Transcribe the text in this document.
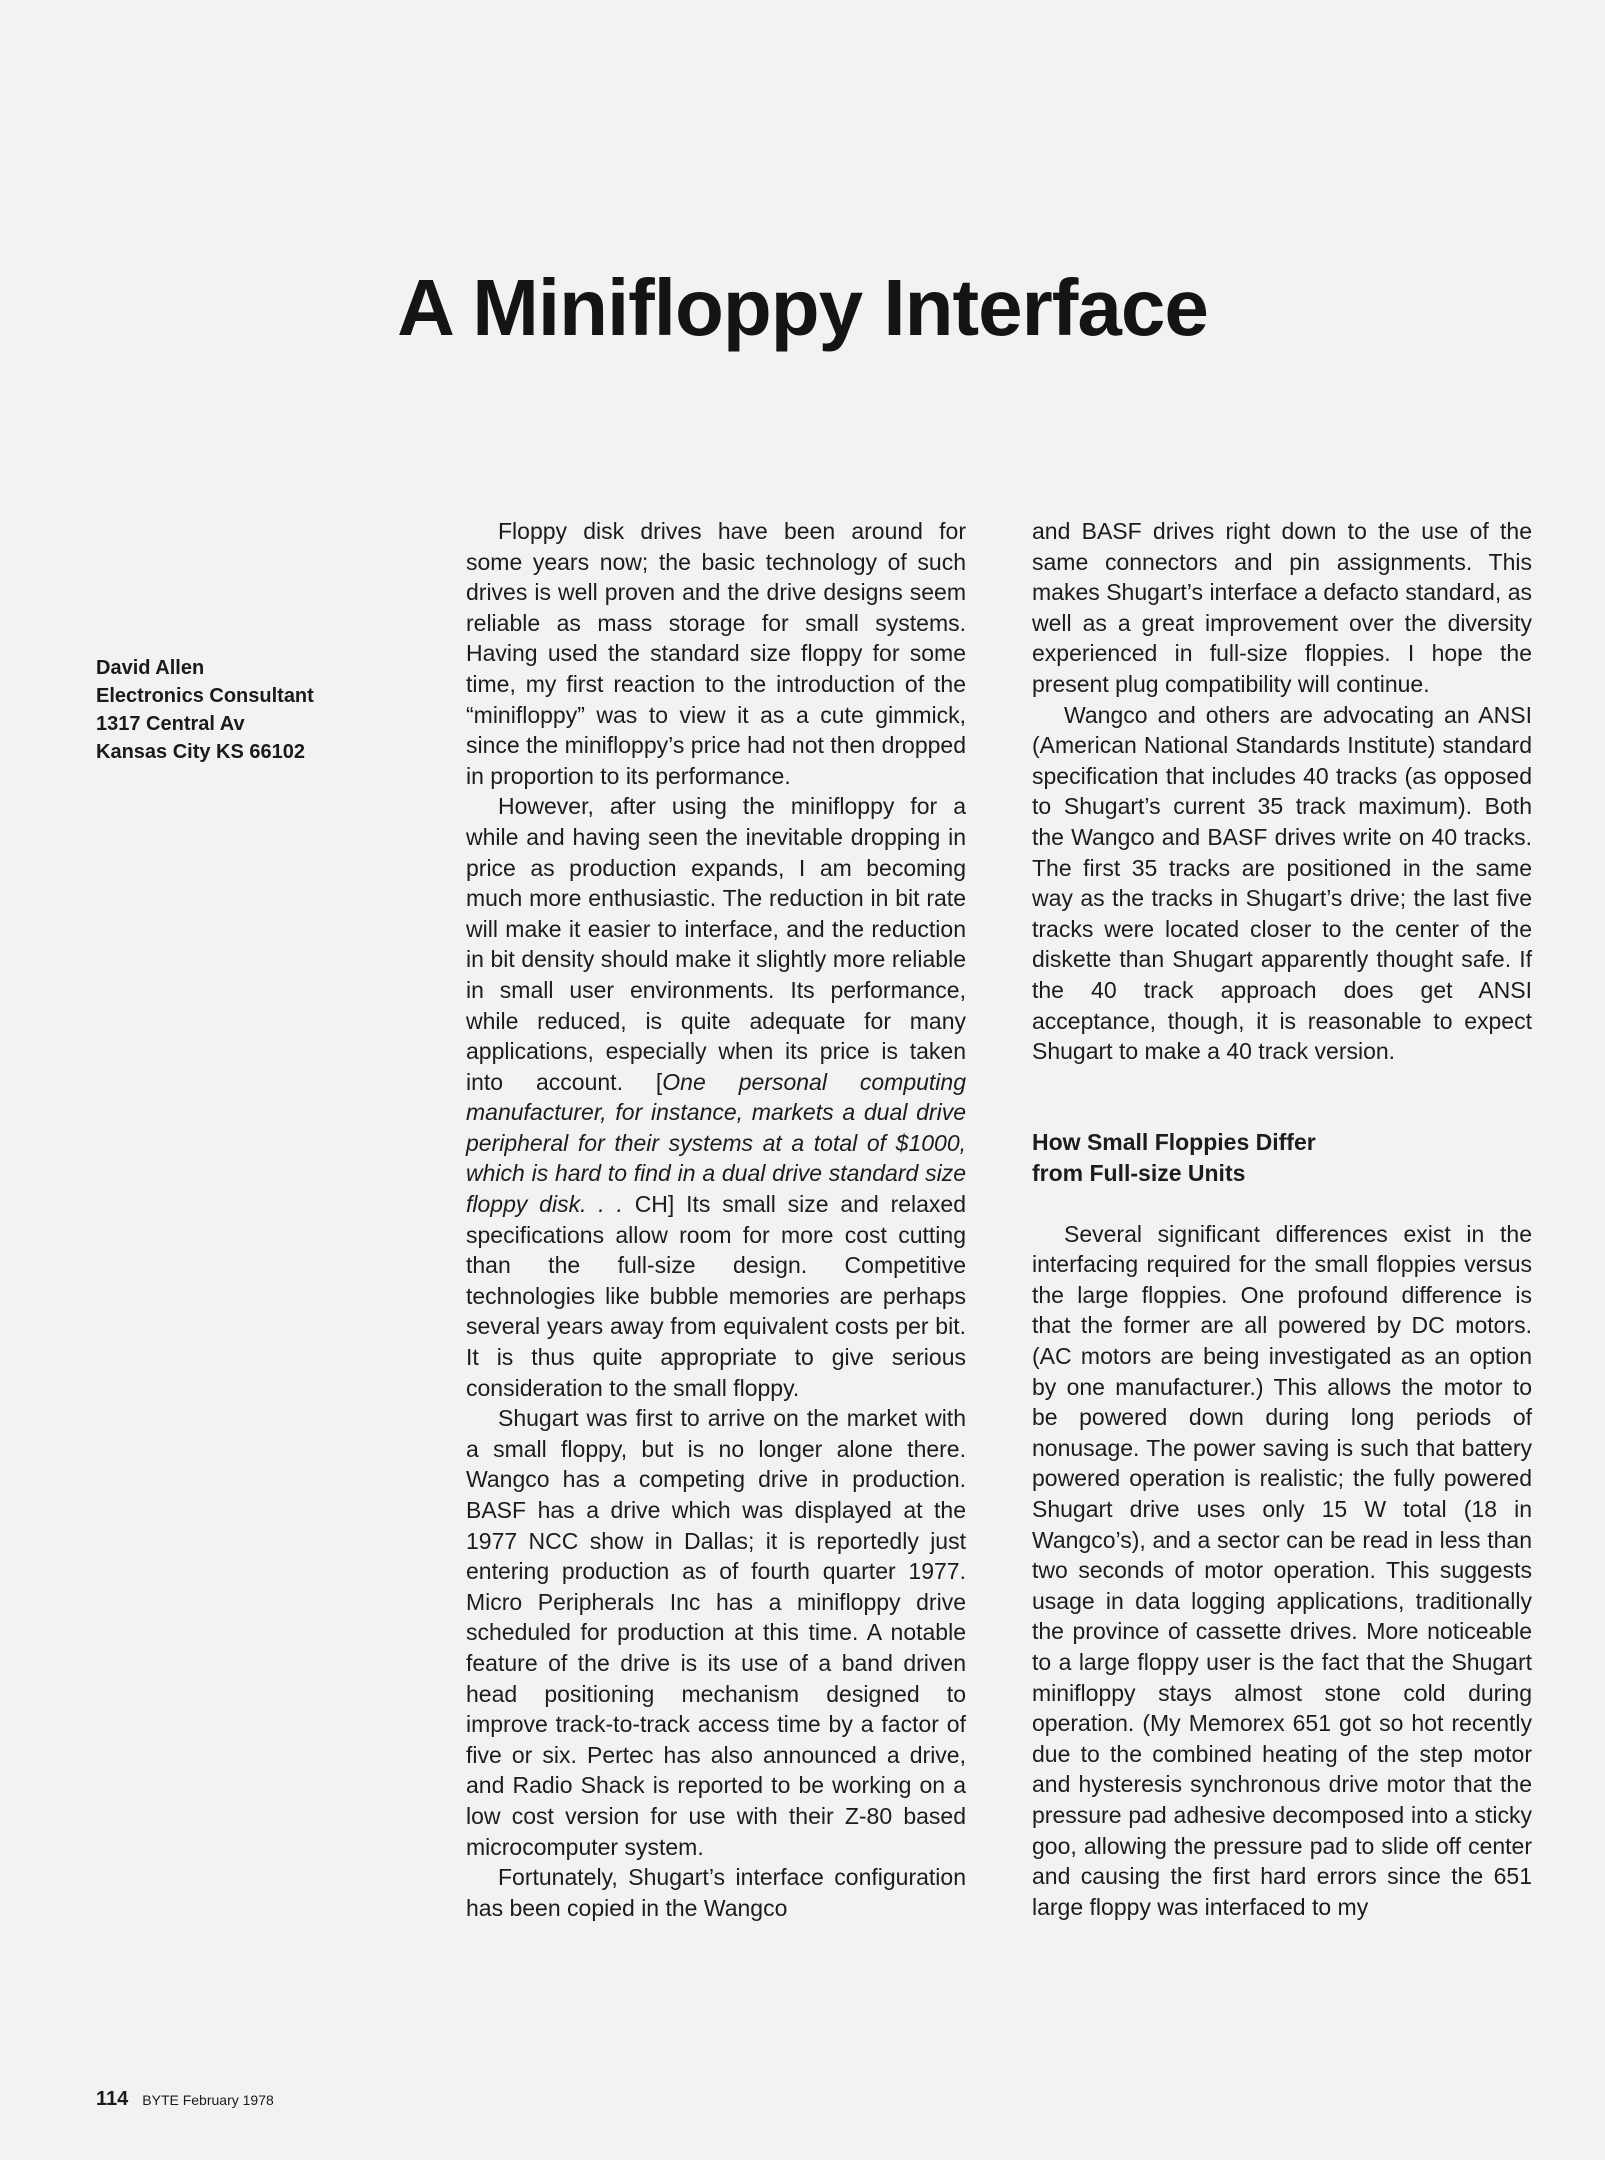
A Minifloppy Interface
David Allen
Electronics Consultant
1317 Central Av
Kansas City KS 66102

Floppy disk drives have been around for some years now; the basic technology of such drives is well proven and the drive designs seem reliable as mass storage for small systems. Having used the standard size floppy for some time, my first reaction to the introduction of the “minifloppy” was to view it as a cute gimmick, since the minifloppy’s price had not then dropped in proportion to its performance.

However, after using the minifloppy for a while and having seen the inevitable dropping in price as production expands, I am becoming much more enthusiastic. The reduction in bit rate will make it easier to interface, and the reduction in bit density should make it slightly more reliable in small user environments. Its performance, while reduced, is quite adequate for many applications, especially when its price is taken into account. [One personal computing manufacturer, for instance, markets a dual drive peripheral for their systems at a total of $1000, which is hard to find in a dual drive standard size floppy disk. . . CH] Its small size and relaxed specifications allow room for more cost cutting than the full-size design. Competitive technologies like bubble memories are perhaps several years away from equivalent costs per bit. It is thus quite appropriate to give serious consideration to the small floppy.

Shugart was first to arrive on the market with a small floppy, but is no longer alone there. Wangco has a competing drive in production. BASF has a drive which was displayed at the 1977 NCC show in Dallas; it is reportedly just entering production as of fourth quarter 1977. Micro Peripherals Inc has a minifloppy drive scheduled for production at this time. A notable feature of the drive is its use of a band driven head positioning mechanism designed to improve track-to-track access time by a factor of five or six. Pertec has also announced a drive, and Radio Shack is reported to be working on a low cost version for use with their Z-80 based microcomputer system.

Fortunately, Shugart’s interface configuration has been copied in the Wangco

and BASF drives right down to the use of the same connectors and pin assignments. This makes Shugart’s interface a defacto standard, as well as a great improvement over the diversity experienced in full-size floppies. I hope the present plug compatibility will continue.

Wangco and others are advocating an ANSI (American National Standards Institute) standard specification that includes 40 tracks (as opposed to Shugart’s current 35 track maximum). Both the Wangco and BASF drives write on 40 tracks. The first 35 tracks are positioned in the same way as the tracks in Shugart’s drive; the last five tracks were located closer to the center of the diskette than Shugart apparently thought safe. If the 40 track approach does get ANSI acceptance, though, it is reasonable to expect Shugart to make a 40 track version.

How Small Floppies Differ
from Full-size Units

Several significant differences exist in the interfacing required for the small floppies versus the large floppies. One profound difference is that the former are all powered by DC motors. (AC motors are being investigated as an option by one manufacturer.) This allows the motor to be powered down during long periods of nonusage. The power saving is such that battery powered operation is realistic; the fully powered Shugart drive uses only 15 W total (18 in Wangco’s), and a sector can be read in less than two seconds of motor operation. This suggests usage in data logging applications, traditionally the province of cassette drives. More noticeable to a large floppy user is the fact that the Shugart minifloppy stays almost stone cold during operation. (My Memorex 651 got so hot recently due to the combined heating of the step motor and hysteresis synchronous drive motor that the pressure pad adhesive decomposed into a sticky goo, allowing the pressure pad to slide off center and causing the first hard errors since the 651 large floppy was interfaced to my

114 BYTE February 1978
